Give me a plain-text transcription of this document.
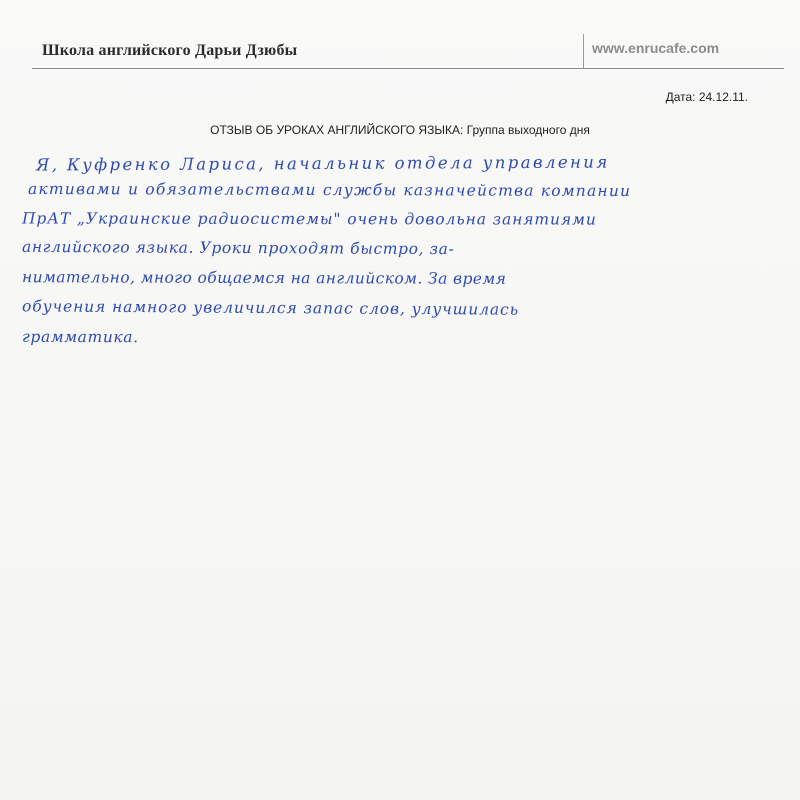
Школа английского Дарьи Дзюбы	www.enrucafe.com
Дата: 24.12.11.
ОТЗЫВ ОБ УРОКАХ АНГЛИЙСКОГО ЯЗЫКА: Группа выходного дня
Я, Куфренко Лариса, начальник отдела управления
активами и обязательствами службы казначейства компании
ПрАТ „Украинские радиосистемы" очень довольна занятиями
английского языка. Уроки проходят быстро, за-
нимательно, много общаемся на английском. За время
обучения намного увеличился запас слов, улучшилась
грамматика.
